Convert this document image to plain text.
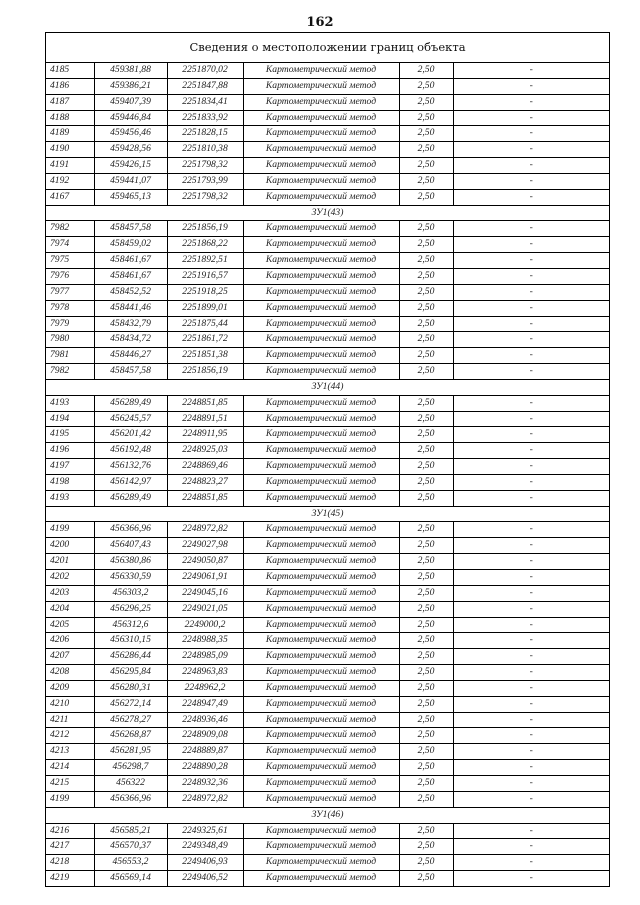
162
Сведения о местоположении границ объекта
4185	459381,88	2251870,02	Картометрический метод	2,50	-
4186	459386,21	2251847,88	Картометрический метод	2,50	-
4187	459407,39	2251834,41	Картометрический метод	2,50	-
4188	459446,84	2251833,92	Картометрический метод	2,50	-
4189	459456,46	2251828,15	Картометрический метод	2,50	-
4190	459428,56	2251810,38	Картометрический метод	2,50	-
4191	459426,15	2251798,32	Картометрический метод	2,50	-
4192	459441,07	2251793,99	Картометрический метод	2,50	-
4167	459465,13	2251798,32	Картометрический метод	2,50	-
ЗУ1(43)					
7982	458457,58	2251856,19	Картометрический метод	2,50	-
7974	458459,02	2251868,22	Картометрический метод	2,50	-
7975	458461,67	2251892,51	Картометрический метод	2,50	-
7976	458461,67	2251916,57	Картометрический метод	2,50	-
7977	458452,52	2251918,25	Картометрический метод	2,50	-
7978	458441,46	2251899,01	Картометрический метод	2,50	-
7979	458432,79	2251875,44	Картометрический метод	2,50	-
7980	458434,72	2251861,72	Картометрический метод	2,50	-
7981	458446,27	2251851,38	Картометрический метод	2,50	-
7982	458457,58	2251856,19	Картометрический метод	2,50	-
ЗУ1(44)					
4193	456289,49	2248851,85	Картометрический метод	2,50	-
4194	456245,57	2248891,51	Картометрический метод	2,50	-
4195	456201,42	2248911,95	Картометрический метод	2,50	-
4196	456192,48	2248925,03	Картометрический метод	2,50	-
4197	456132,76	2248869,46	Картометрический метод	2,50	-
4198	456142,97	2248823,27	Картометрический метод	2,50	-
4193	456289,49	2248851,85	Картометрический метод	2,50	-
ЗУ1(45)					
4199	456366,96	2248972,82	Картометрический метод	2,50	-
4200	456407,43	2249027,98	Картометрический метод	2,50	-
4201	456380,86	2249050,87	Картометрический метод	2,50	-
4202	456330,59	2249061,91	Картометрический метод	2,50	-
4203	456303,2	2249045,16	Картометрический метод	2,50	-
4204	456296,25	2249021,05	Картометрический метод	2,50	-
4205	456312,6	2249000,2	Картометрический метод	2,50	-
4206	456310,15	2248988,35	Картометрический метод	2,50	-
4207	456286,44	2248985,09	Картометрический метод	2,50	-
4208	456295,84	2248963,83	Картометрический метод	2,50	-
4209	456280,31	2248962,2	Картометрический метод	2,50	-
4210	456272,14	2248947,49	Картометрический метод	2,50	-
4211	456278,27	2248936,46	Картометрический метод	2,50	-
4212	456268,87	2248909,08	Картометрический метод	2,50	-
4213	456281,95	2248889,87	Картометрический метод	2,50	-
4214	456298,7	2248890,28	Картометрический метод	2,50	-
4215	456322	2248932,36	Картометрический метод	2,50	-
4199	456366,96	2248972,82	Картометрический метод	2,50	-
ЗУ1(46)					
4216	456585,21	2249325,61	Картометрический метод	2,50	-
4217	456570,37	2249348,49	Картометрический метод	2,50	-
4218	456553,2	2249406,93	Картометрический метод	2,50	-
4219	456569,14	2249406,52	Картометрический метод	2,50	-
